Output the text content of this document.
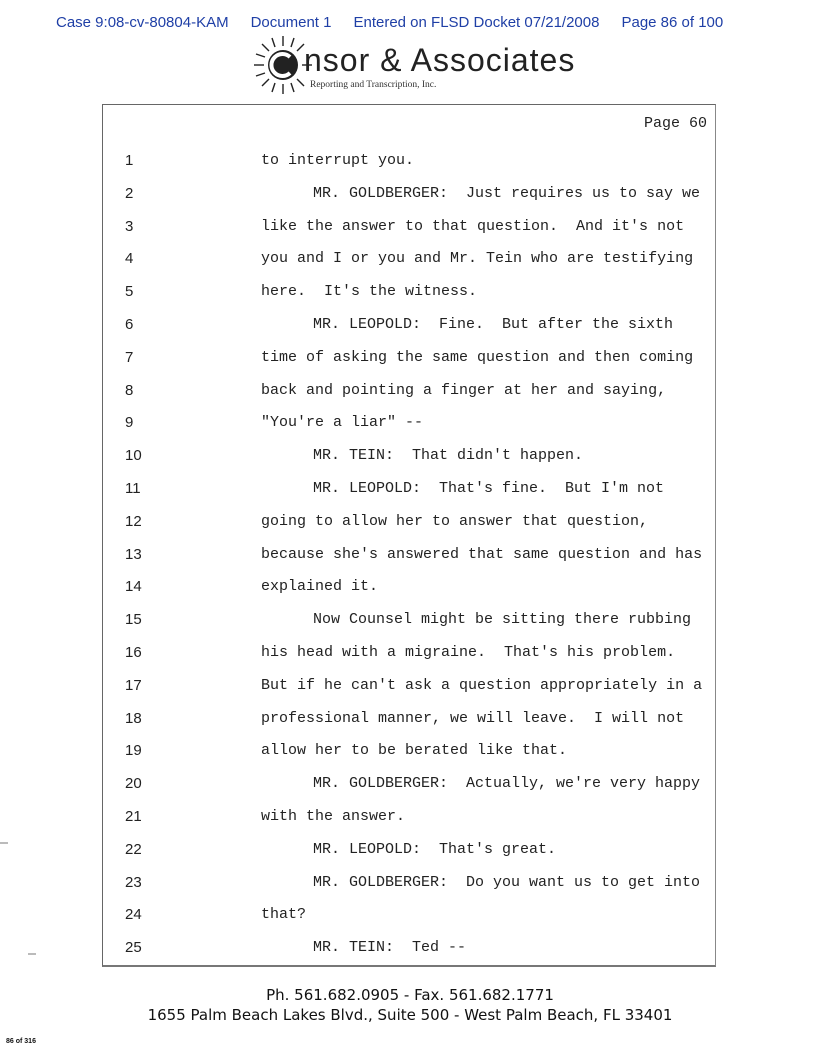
Case 9:08-cv-80804-KAM Document 1 Entered on FLSD Docket 07/21/2008 Page 86 of 100
nsor & Associates
Reporting and Transcription, Inc.
Page 60
1	to interrupt you.
2	MR. GOLDBERGER:  Just requires us to say we
3	like the answer to that question.  And it's not
4	you and I or you and Mr. Tein who are testifying
5	here.  It's the witness.
6	MR. LEOPOLD:  Fine.  But after the sixth
7	time of asking the same question and then coming
8	back and pointing a finger at her and saying,
9	"You're a liar" --
10	MR. TEIN:  That didn't happen.
11	MR. LEOPOLD:  That's fine.  But I'm not
12	going to allow her to answer that question,
13	because she's answered that same question and has
14	explained it.
15	Now Counsel might be sitting there rubbing
16	his head with a migraine.  That's his problem.
17	But if he can't ask a question appropriately in a
18	professional manner, we will leave.  I will not
19	allow her to be berated like that.
20	MR. GOLDBERGER:  Actually, we're very happy
21	with the answer.
22	MR. LEOPOLD:  That's great.
23	MR. GOLDBERGER:  Do you want us to get into
24	that?
25	MR. TEIN:  Ted --
Ph. 561.682.0905 - Fax. 561.682.1771
1655 Palm Beach Lakes Blvd., Suite 500 - West Palm Beach, FL 33401
86 of 316
